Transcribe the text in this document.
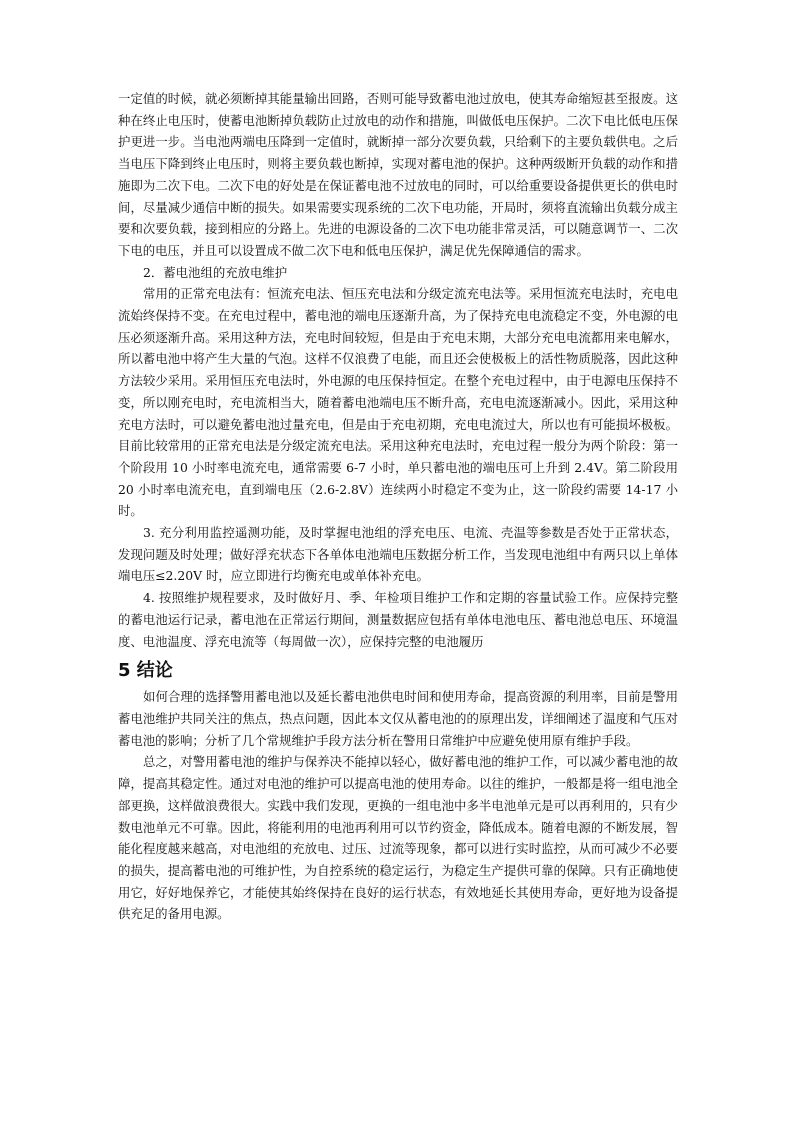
一定值的时候，就必须断掉其能量输出回路，否则可能导致蓄电池过放电，使其寿命缩短甚至报废。这种在终止电压时，使蓄电池断掉负载防止过放电的动作和措施，叫做低电压保护。二次下电比低电压保护更进一步。当电池两端电压降到一定值时，就断掉一部分次要负载，只给剩下的主要负载供电。之后当电压下降到终止电压时，则将主要负载也断掉，实现对蓄电池的保护。这种两级断开负载的动作和措施即为二次下电。二次下电的好处是在保证蓄电池不过放电的同时，可以给重要设备提供更长的供电时间，尽量减少通信中断的损失。如果需要实现系统的二次下电功能，开局时，须将直流输出负载分成主要和次要负载，接到相应的分路上。先进的电源设备的二次下电功能非常灵活，可以随意调节一、二次下电的电压，并且可以设置成不做二次下电和低电压保护，满足优先保障通信的需求。

2．蓄电池组的充放电维护

常用的正常充电法有：恒流充电法、恒压充电法和分级定流充电法等。采用恒流充电法时，充电电流始终保持不变。在充电过程中，蓄电池的端电压逐渐升高，为了保持充电电流稳定不变，外电源的电压必须逐渐升高。采用这种方法，充电时间较短，但是由于充电末期，大部分充电电流都用来电解水，所以蓄电池中将产生大量的气泡。这样不仅浪费了电能，而且还会使极板上的活性物质脱落，因此这种方法较少采用。采用恒压充电法时，外电源的电压保持恒定。在整个充电过程中，由于电源电压保持不变，所以刚充电时，充电流相当大，随着蓄电池端电压不断升高，充电电流逐渐减小。因此，采用这种充电方法时，可以避免蓄电池过量充电，但是由于充电初期，充电电流过大，所以也有可能损坏极板。目前比较常用的正常充电法是分级定流充电法。采用这种充电法时，充电过程一般分为两个阶段：第一个阶段用 10 小时率电流充电，通常需要 6-7 小时，单只蓄电池的端电压可上升到 2.4V。第二阶段用 20 小时率电流充电，直到端电压（2.6-2.8V）连续两小时稳定不变为止，这一阶段约需要 14-17 小时。

3. 充分利用监控遥测功能，及时掌握电池组的浮充电压、电流、壳温等参数是否处于正常状态，发现问题及时处理；做好浮充状态下各单体电池端电压数据分析工作，当发现电池组中有两只以上单体端电压≤2.20V 时，应立即进行均衡充电或单体补充电。

4. 按照维护规程要求，及时做好月、季、年检项目维护工作和定期的容量试验工作。应保持完整的蓄电池运行记录，蓄电池在正常运行期间，测量数据应包括有单体电池电压、蓄电池总电压、环境温度、电池温度、浮充电流等（每周做一次），应保持完整的电池履历

5 结论

如何合理的选择警用蓄电池以及延长蓄电池供电时间和使用寿命，提高资源的利用率，目前是警用蓄电池维护共同关注的焦点，热点问题，因此本文仅从蓄电池的的原理出发，详细阐述了温度和气压对蓄电池的影响；分析了几个常规维护手段方法分析在警用日常维护中应避免使用原有维护手段。

总之，对警用蓄电池的维护与保养决不能掉以轻心，做好蓄电池的维护工作，可以减少蓄电池的故障，提高其稳定性。通过对电池的维护可以提高电池的使用寿命。以往的维护，一般都是将一组电池全部更换，这样做浪费很大。实践中我们发现，更换的一组电池中多半电池单元是可以再利用的，只有少数电池单元不可靠。因此，将能利用的电池再利用可以节约资金，降低成本。随着电源的不断发展，智能化程度越来越高，对电池组的充放电、过压、过流等现象，都可以进行实时监控，从而可减少不必要的损失，提高蓄电池的可维护性，为自控系统的稳定运行，为稳定生产提供可靠的保障。只有正确地使用它，好好地保养它，才能使其始终保持在良好的运行状态，有效地延长其使用寿命，更好地为设备提供充足的备用电源。
